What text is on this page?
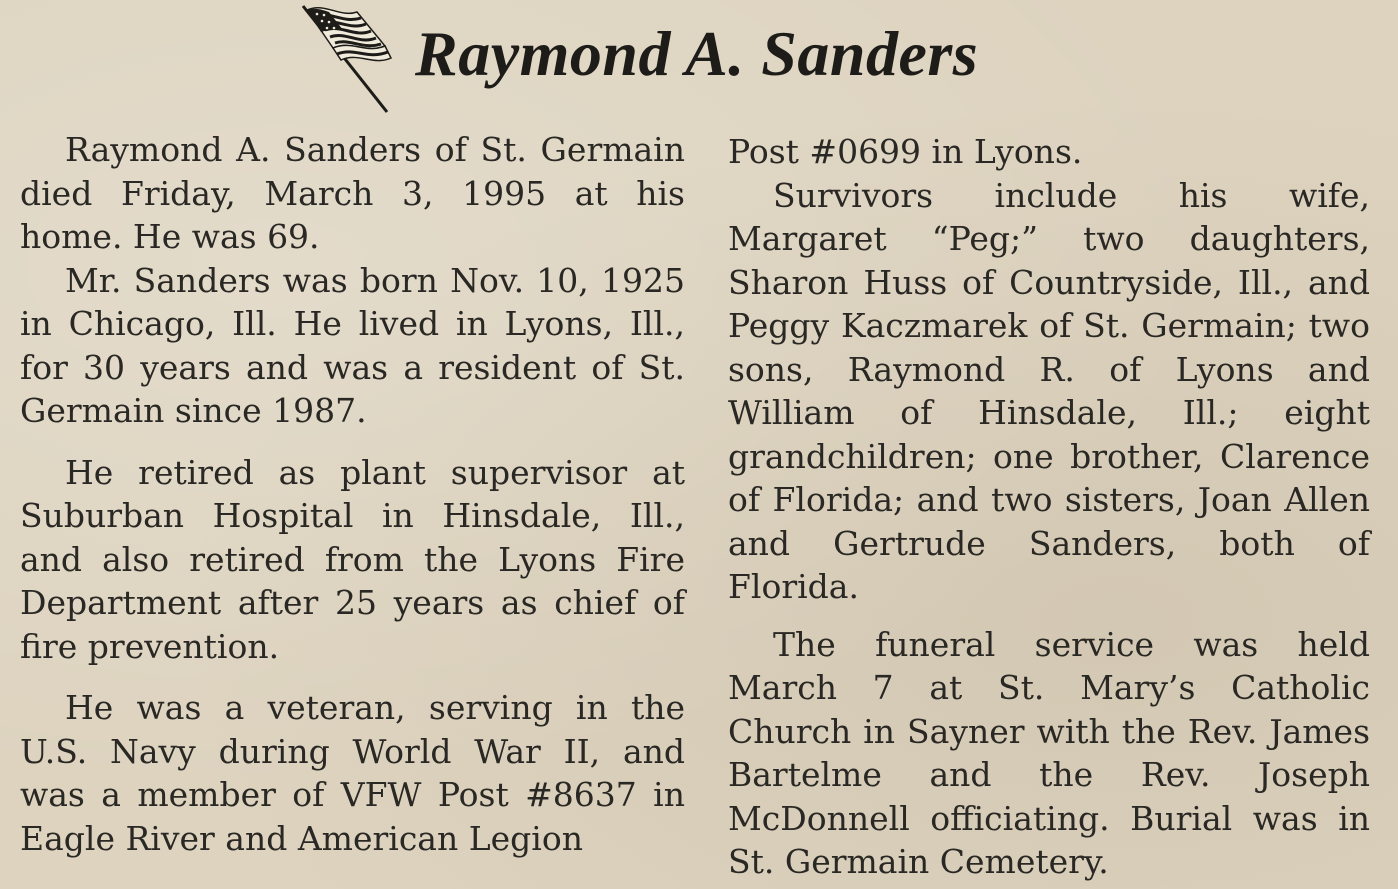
Raymond A. Sanders

Raymond A. Sanders of St. Germain died Friday, March 3, 1995 at his home. He was 69.

Mr. Sanders was born Nov. 10, 1925 in Chicago, Ill. He lived in Lyons, Ill., for 30 years and was a resident of St. Germain since 1987.

He retired as plant supervisor at Suburban Hospital in Hinsdale, Ill., and also retired from the Lyons Fire Department after 25 years as chief of fire prevention.

He was a veteran, serving in the U.S. Navy during World War II, and was a member of VFW Post #8637 in Eagle River and American Legion

Post #0699 in Lyons.

Survivors include his wife, Margaret “Peg;” two daughters, Sharon Huss of Countryside, Ill., and Peggy Kaczmarek of St. Germain; two sons, Raymond R. of Lyons and William of Hinsdale, Ill.; eight grandchildren; one brother, Clarence of Florida; and two sisters, Joan Allen and Gertrude Sanders, both of Florida.

The funeral service was held March 7 at St. Mary’s Catholic Church in Sayner with the Rev. James Bartelme and the Rev. Joseph McDonnell officiating. Burial was in St. Germain Cemetery.
